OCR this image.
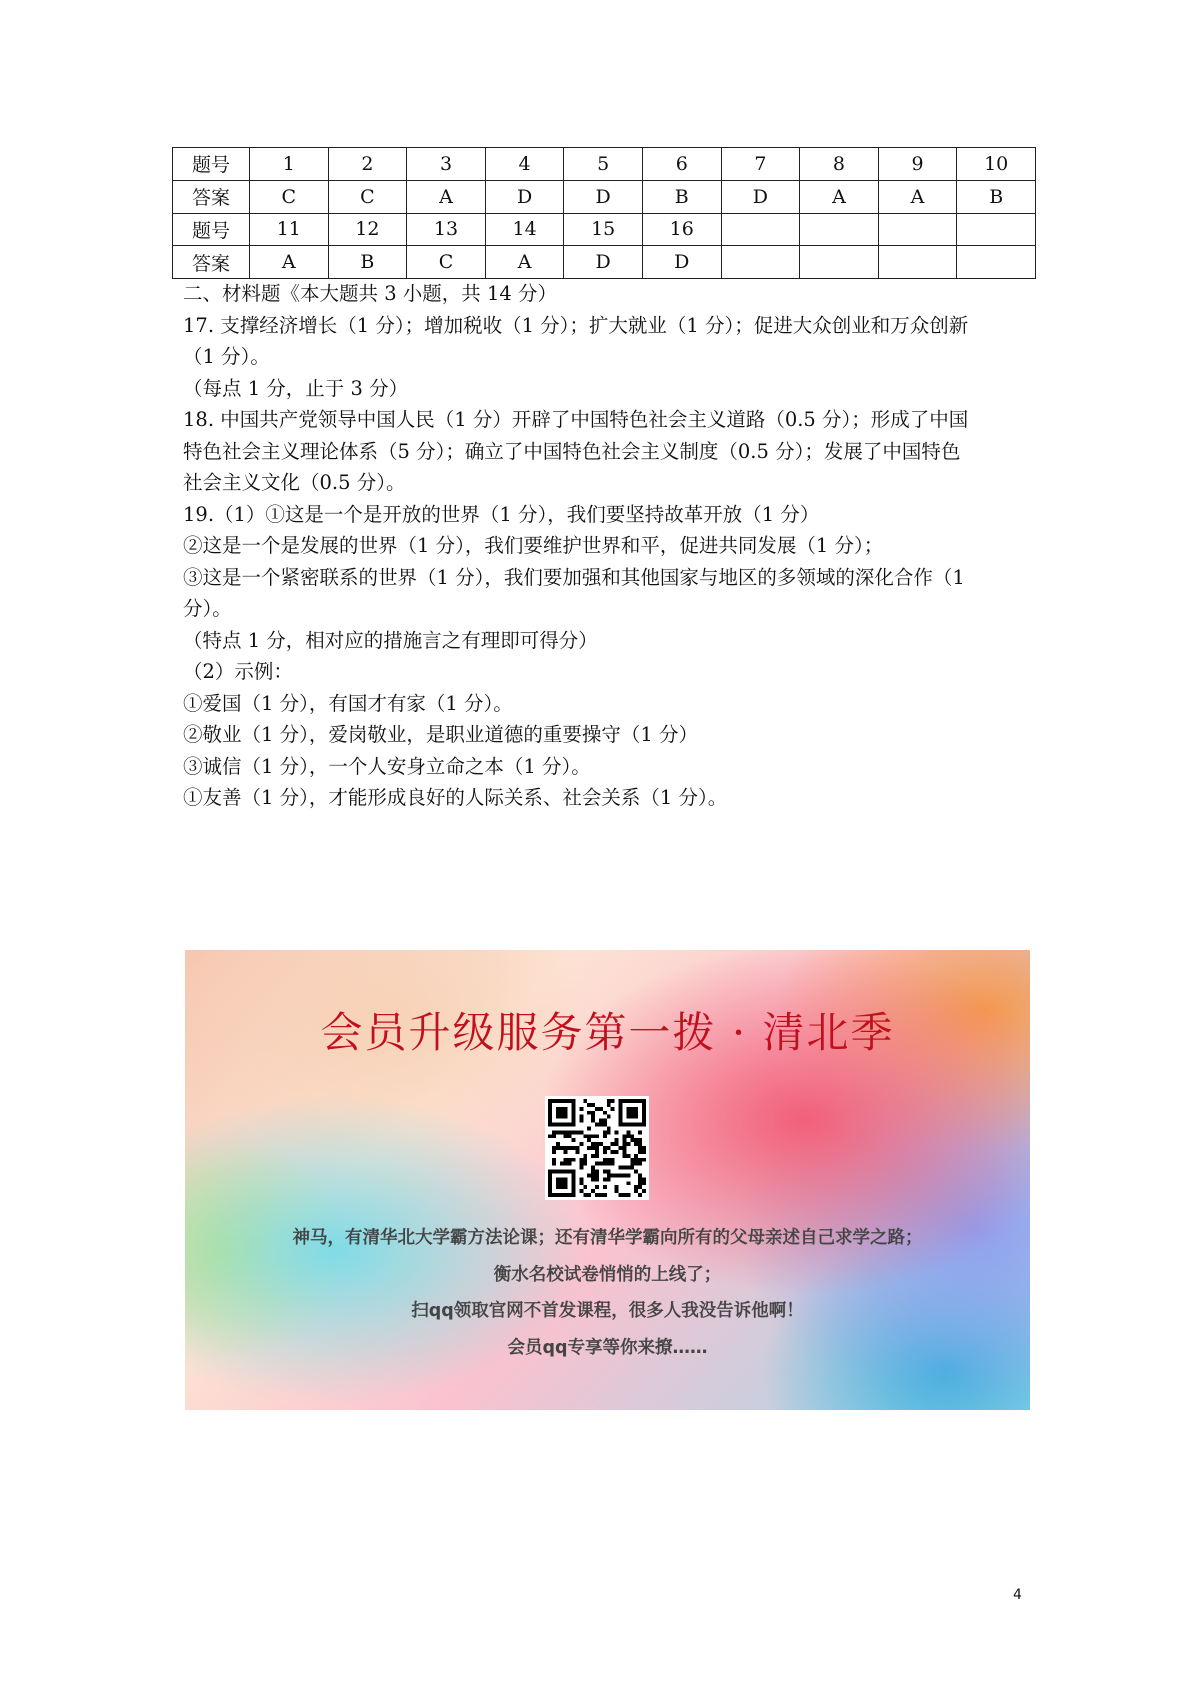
题号	1	2	3	4	5	6	7	8	9	10
答案	C	C	A	D	D	B	D	A	A	B
题号	11	12	13	14	15	16				
答案	A	B	C	A	D	D				

二、材料题《本大题共 3 小题，共 14 分）

17. 支撑经济增长（1 分）；增加税收（1 分）；扩大就业（1 分）；促进大众创业和万众创新

（1 分）。

（每点 1 分，止于 3 分）

18. 中国共产党领导中国人民（1 分）开辟了中国特色社会主义道路（0.5 分）；形成了中国

特色社会主义理论体系（5 分）；确立了中国特色社会主义制度（0.5 分）；发展了中国特色

社会主义文化（0.5 分）。

19.（1）①这是一个是开放的世界（1 分），我们要坚持故革开放（1 分）

②这是一个是发展的世界（1 分），我们要维护世界和平，促进共同发展（1 分）；

③这是一个紧密联系的世界（1 分），我们要加强和其他国家与地区的多领域的深化合作（1

分）。

（特点 1 分，相对应的措施言之有理即可得分）

（2）示例：

①爱国（1 分），有国才有家（1 分）。

②敬业（1 分），爱岗敬业，是职业道德的重要操守（1 分）

③诚信（1 分），一个人安身立命之本（1 分）。

①友善（1 分），才能形成良好的人际关系、社会关系（1 分）。

会员升级服务第一拨 · 清北季
神马，有清华北大学霸方法论课；还有清华学霸向所有的父母亲述自己求学之路；
衡水名校试卷悄悄的上线了；
扫qq领取官网不首发课程，很多人我没告诉他啊！
会员qq专享等你来撩……
4
